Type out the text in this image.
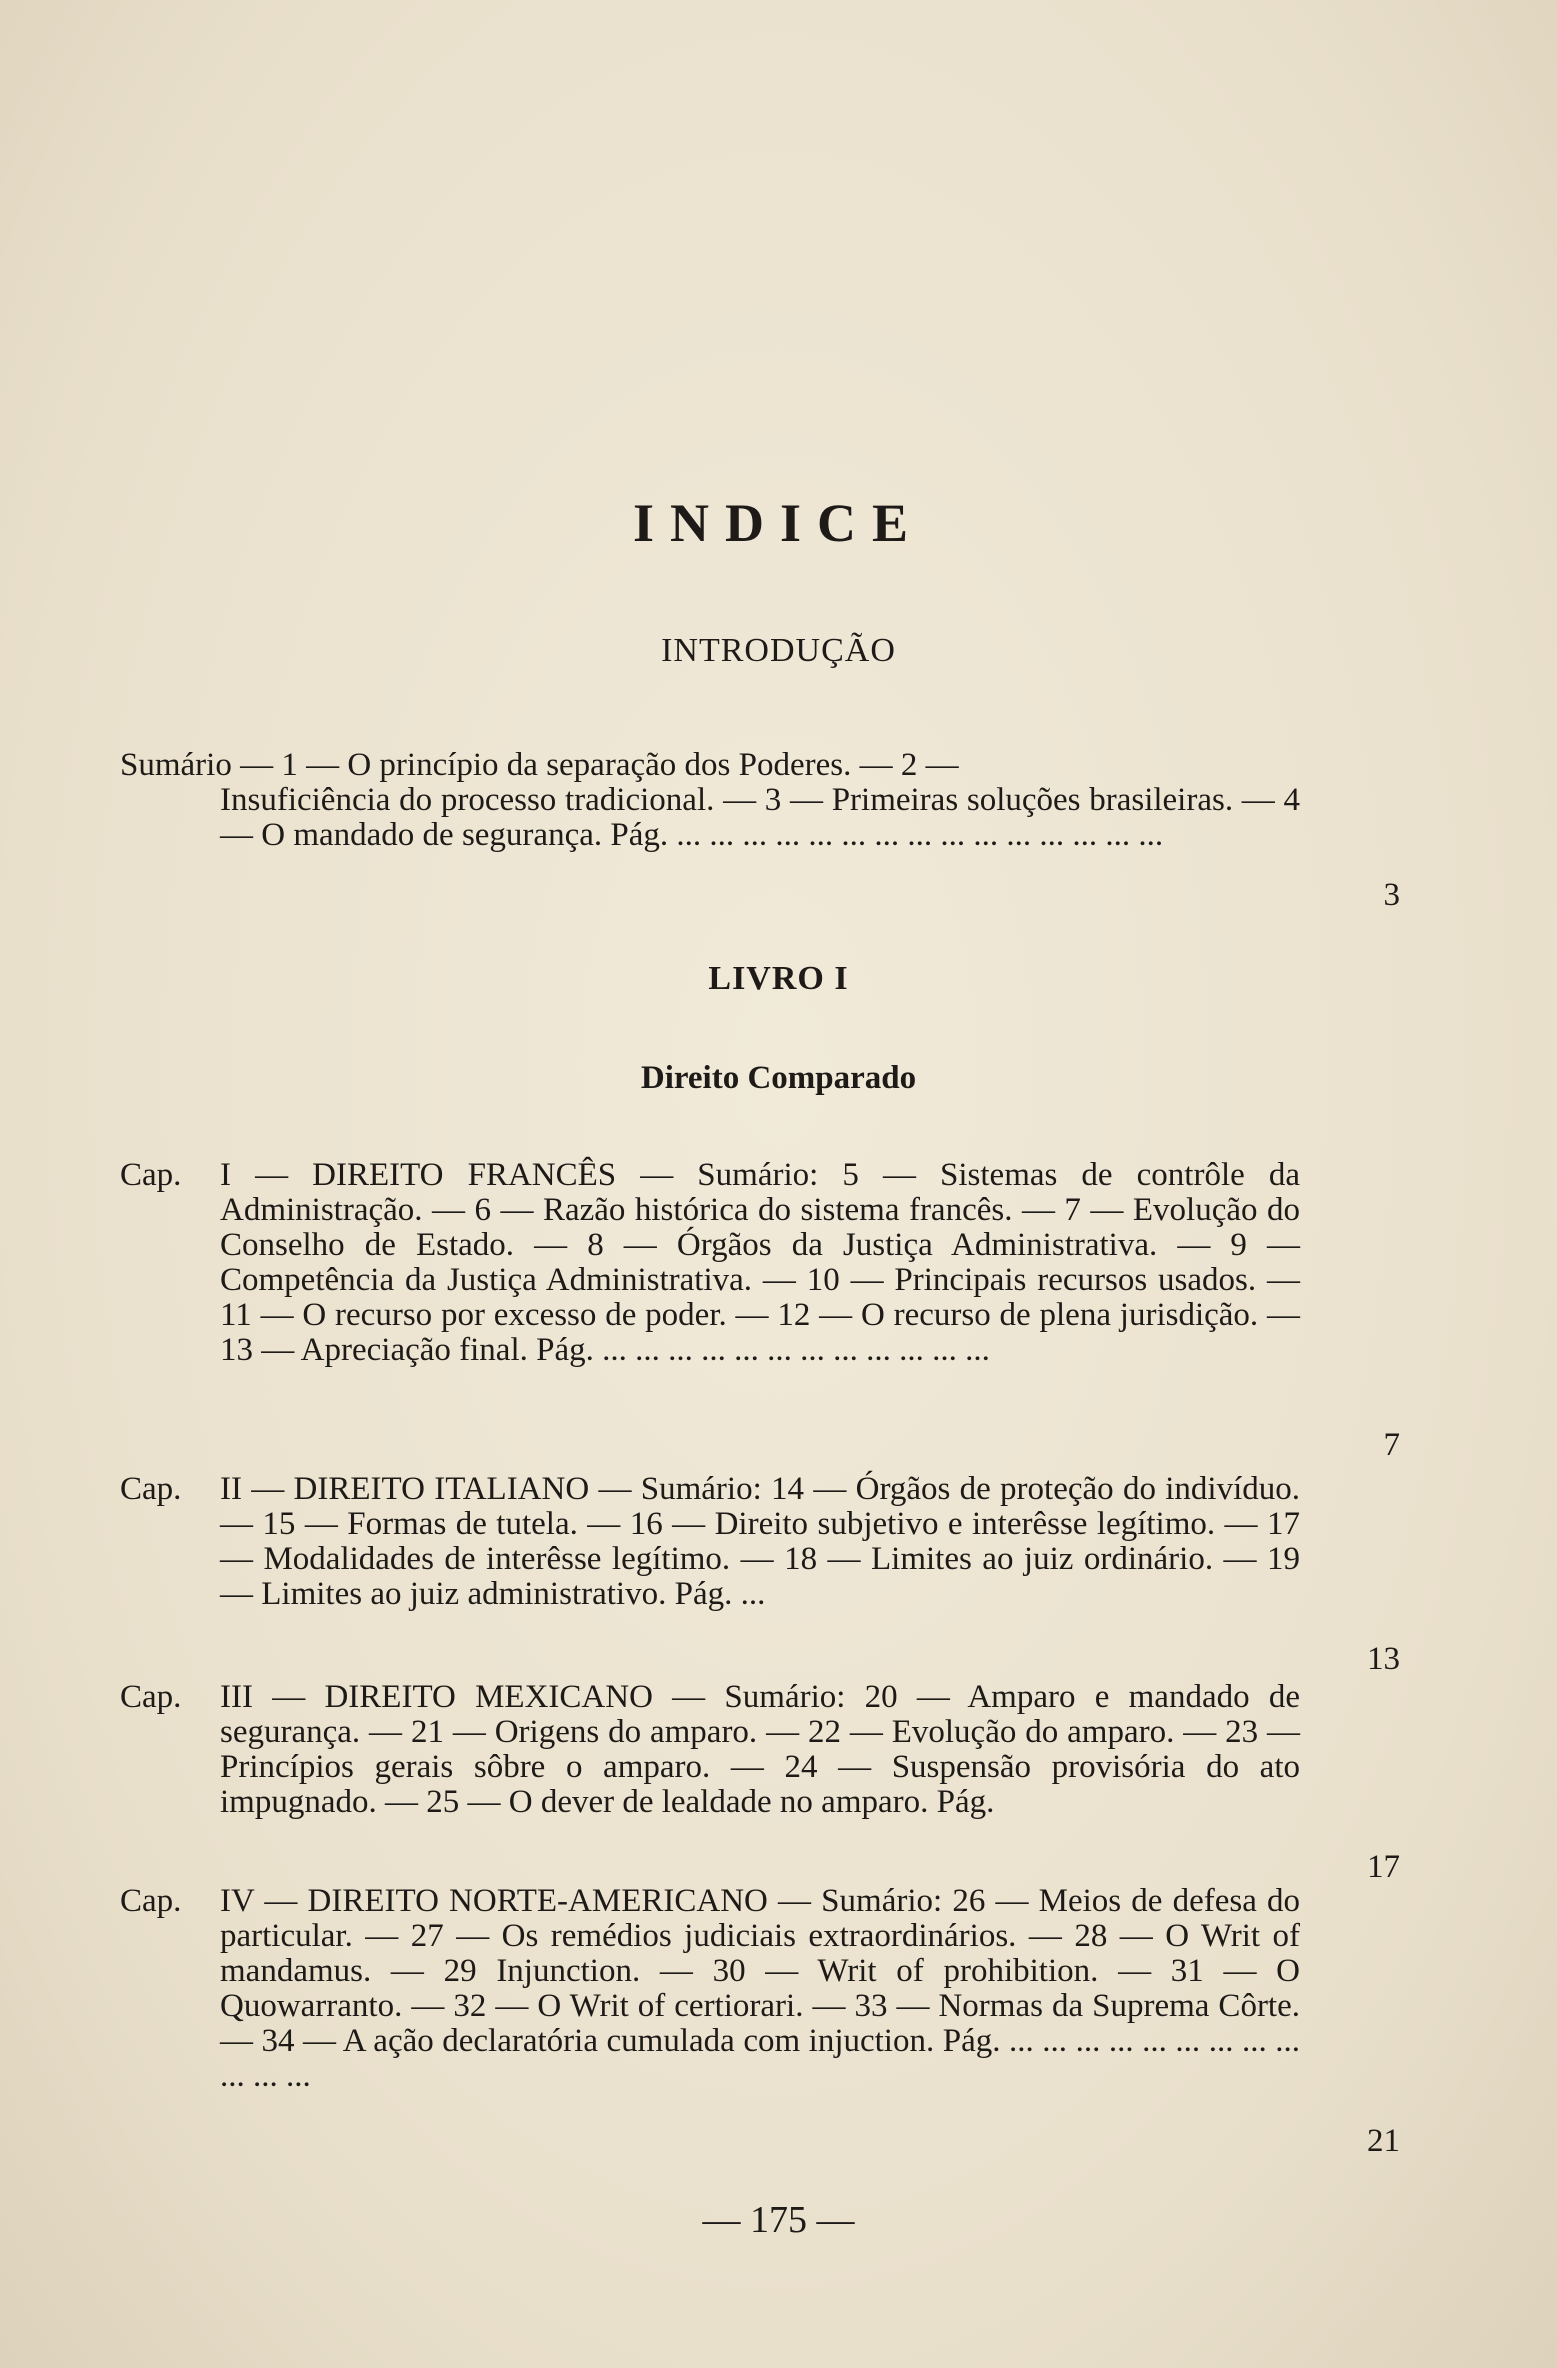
INDICE
INTRODUÇÃO
Sumário — 1 — O princípio da separação dos Poderes. — 2 —
Insuficiência do processo tradicional. — 3 — Primeiras soluções brasileiras. — 4 — O mandado de segurança. Pág. ... ... ... ... ... ... ... ... ... ... ... ... ... ... ...
3
LIVRO I
Direito Comparado
Cap.	I — DIREITO FRANCÊS — Sumário: 5 — Sistemas de contrôle da Administração. — 6 — Razão histórica do sistema francês. — 7 — Evolução do Conselho de Estado. — 8 — Órgãos da Justiça Administrativa. — 9 — Competência da Justiça Administrativa. — 10 — Principais recursos usados. — 11 — O recurso por excesso de poder. — 12 — O recurso de plena jurisdição. — 13 — Apreciação final. Pág. ... ... ... ... ... ... ... ... ... ... ... ...
7
Cap.	II — DIREITO ITALIANO — Sumário: 14 — Órgãos de proteção do indivíduo. — 15 — Formas de tutela. — 16 — Direito subjetivo e interêsse legítimo. — 17 — Modalidades de interêsse legítimo. — 18 — Limites ao juiz ordinário. — 19 — Limites ao juiz administrativo. Pág. ...
13
Cap.	III — DIREITO MEXICANO — Sumário: 20 — Amparo e mandado de segurança. — 21 — Origens do amparo. — 22 — Evolução do amparo. — 23 — Princípios gerais sôbre o amparo. — 24 — Suspensão provisória do ato impugnado. — 25 — O dever de lealdade no amparo. Pág.
17
Cap.	IV — DIREITO NORTE-AMERICANO — Sumário: 26 — Meios de defesa do particular. — 27 — Os remédios judiciais extraordinários. — 28 — O Writ of mandamus. — 29 Injunction. — 30 — Writ of prohibition. — 31 — O Quowarranto. — 32 — O Writ of certiorari. — 33 — Normas da Suprema Côrte. — 34 — A ação declaratória cumulada com injuction. Pág. ... ... ... ... ... ... ... ... ... ... ... ...
21
— 175 —
